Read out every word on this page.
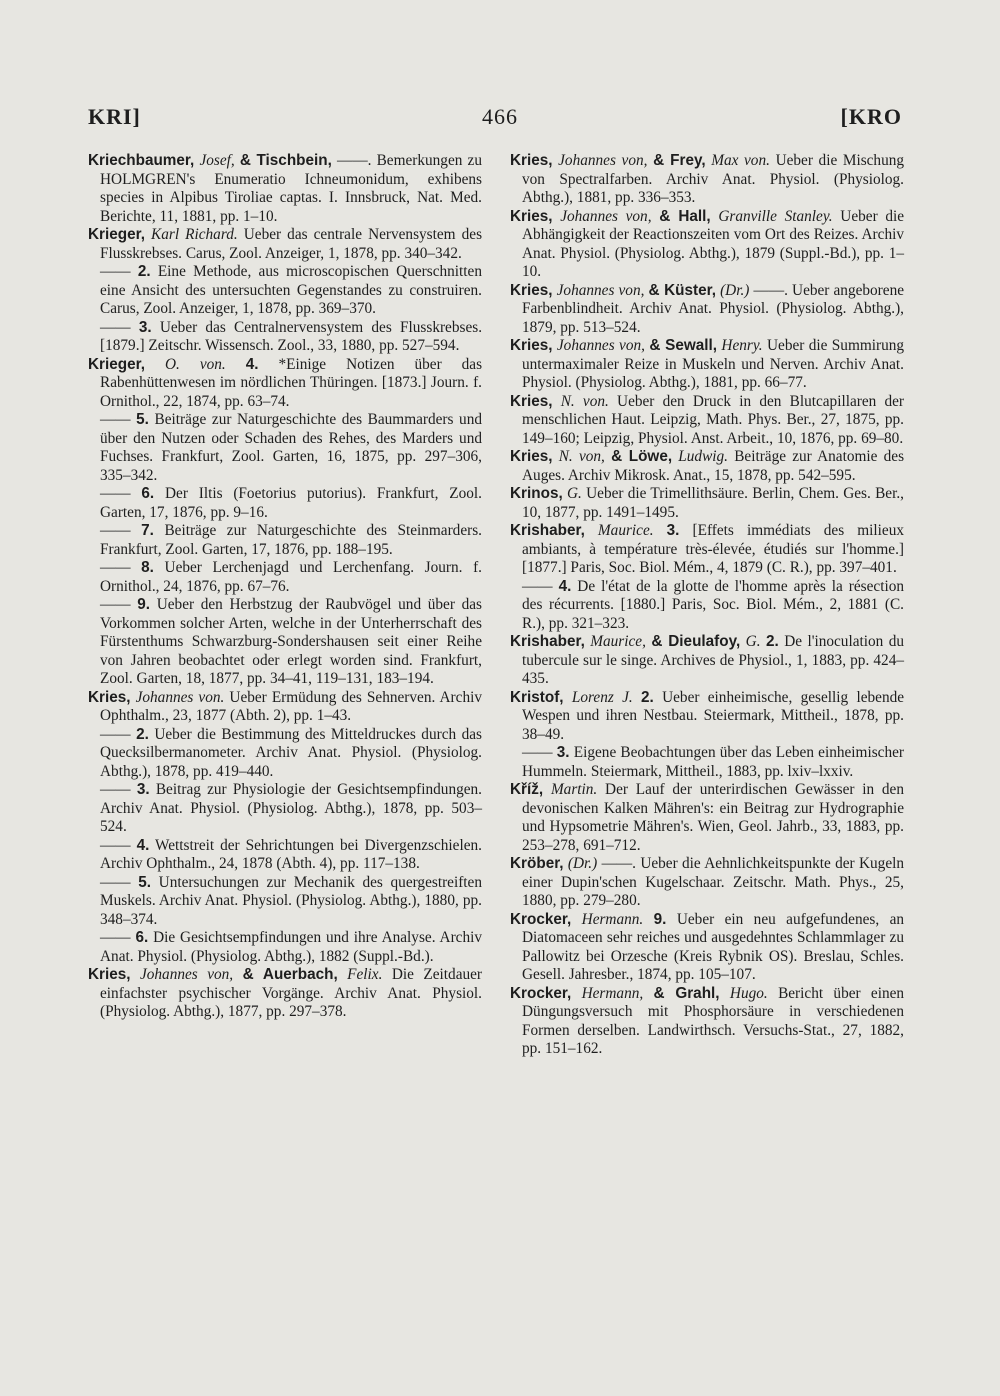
KRI]	466	[KRO

Kriechbaumer, Josef, & Tischbein, ——. Bemerkungen zu HOLMGREN's Enumeratio Ichneumonidum, exhibens species in Alpibus Tiroliae captas. I. Innsbruck, Nat. Med. Berichte, 11, 1881, pp. 1–10.

Krieger, Karl Richard. Ueber das centrale Nervensystem des Flusskrebses. Carus, Zool. Anzeiger, 1, 1878, pp. 340–342.

—— 2. Eine Methode, aus microscopischen Querschnitten eine Ansicht des untersuchten Gegenstandes zu construiren. Carus, Zool. Anzeiger, 1, 1878, pp. 369–370.

—— 3. Ueber das Centralnervensystem des Flusskrebses. [1879.] Zeitschr. Wissensch. Zool., 33, 1880, pp. 527–594.

Krieger, O. von. 4. *Einige Notizen über das Rabenhüttenwesen im nördlichen Thüringen. [1873.] Journ. f. Ornithol., 22, 1874, pp. 63–74.

—— 5. Beiträge zur Naturgeschichte des Baummarders und über den Nutzen oder Schaden des Rehes, des Marders und Fuchses. Frankfurt, Zool. Garten, 16, 1875, pp. 297–306, 335–342.

—— 6. Der Iltis (Foetorius putorius). Frankfurt, Zool. Garten, 17, 1876, pp. 9–16.

—— 7. Beiträge zur Naturgeschichte des Steinmarders. Frankfurt, Zool. Garten, 17, 1876, pp. 188–195.

—— 8. Ueber Lerchenjagd und Lerchenfang. Journ. f. Ornithol., 24, 1876, pp. 67–76.

—— 9. Ueber den Herbstzug der Raubvögel und über das Vorkommen solcher Arten, welche in der Unterherrschaft des Fürstenthums Schwarzburg-Sondershausen seit einer Reihe von Jahren beobachtet oder erlegt worden sind. Frankfurt, Zool. Garten, 18, 1877, pp. 34–41, 119–131, 183–194.

Kries, Johannes von. Ueber Ermüdung des Sehnerven. Archiv Ophthalm., 23, 1877 (Abth. 2), pp. 1–43.

—— 2. Ueber die Bestimmung des Mitteldruckes durch das Quecksilbermanometer. Archiv Anat. Physiol. (Physiolog. Abthg.), 1878, pp. 419–440.

—— 3. Beitrag zur Physiologie der Gesichtsempfindungen. Archiv Anat. Physiol. (Physiolog. Abthg.), 1878, pp. 503–524.

—— 4. Wettstreit der Sehrichtungen bei Divergenzschielen. Archiv Ophthalm., 24, 1878 (Abth. 4), pp. 117–138.

—— 5. Untersuchungen zur Mechanik des quergestreiften Muskels. Archiv Anat. Physiol. (Physiolog. Abthg.), 1880, pp. 348–374.

—— 6. Die Gesichtsempfindungen und ihre Analyse. Archiv Anat. Physiol. (Physiolog. Abthg.), 1882 (Suppl.-Bd.).

Kries, Johannes von, & Auerbach, Felix. Die Zeitdauer einfachster psychischer Vorgänge. Archiv Anat. Physiol. (Physiolog. Abthg.), 1877, pp. 297–378.

Kries, Johannes von, & Frey, Max von. Ueber die Mischung von Spectralfarben. Archiv Anat. Physiol. (Physiolog. Abthg.), 1881, pp. 336–353.

Kries, Johannes von, & Hall, Granville Stanley. Ueber die Abhängigkeit der Reactionszeiten vom Ort des Reizes. Archiv Anat. Physiol. (Physiolog. Abthg.), 1879 (Suppl.-Bd.), pp. 1–10.

Kries, Johannes von, & Küster, (Dr.) ——. Ueber angeborene Farbenblindheit. Archiv Anat. Physiol. (Physiolog. Abthg.), 1879, pp. 513–524.

Kries, Johannes von, & Sewall, Henry. Ueber die Summirung untermaximaler Reize in Muskeln und Nerven. Archiv Anat. Physiol. (Physiolog. Abthg.), 1881, pp. 66–77.

Kries, N. von. Ueber den Druck in den Blutcapillaren der menschlichen Haut. Leipzig, Math. Phys. Ber., 27, 1875, pp. 149–160; Leipzig, Physiol. Anst. Arbeit., 10, 1876, pp. 69–80.

Kries, N. von, & Löwe, Ludwig. Beiträge zur Anatomie des Auges. Archiv Mikrosk. Anat., 15, 1878, pp. 542–595.

Krinos, G. Ueber die Trimellithsäure. Berlin, Chem. Ges. Ber., 10, 1877, pp. 1491–1495.

Krishaber, Maurice. 3. [Effets immédiats des milieux ambiants, à température très-élevée, étudiés sur l'homme.] [1877.] Paris, Soc. Biol. Mém., 4, 1879 (C. R.), pp. 397–401.

—— 4. De l'état de la glotte de l'homme après la résection des récurrents. [1880.] Paris, Soc. Biol. Mém., 2, 1881 (C. R.), pp. 321–323.

Krishaber, Maurice, & Dieulafoy, G. 2. De l'inoculation du tubercule sur le singe. Archives de Physiol., 1, 1883, pp. 424–435.

Kristof, Lorenz J. 2. Ueber einheimische, gesellig lebende Wespen und ihren Nestbau. Steiermark, Mittheil., 1878, pp. 38–49.

—— 3. Eigene Beobachtungen über das Leben einheimischer Hummeln. Steiermark, Mittheil., 1883, pp. lxiv–lxxiv.

Kříž, Martin. Der Lauf der unterirdischen Gewässer in den devonischen Kalken Mähren's: ein Beitrag zur Hydrographie und Hypsometrie Mähren's. Wien, Geol. Jahrb., 33, 1883, pp. 253–278, 691–712.

Kröber, (Dr.) ——. Ueber die Aehnlichkeitspunkte der Kugeln einer Dupin'schen Kugelschaar. Zeitschr. Math. Phys., 25, 1880, pp. 279–280.

Krocker, Hermann. 9. Ueber ein neu aufgefundenes, an Diatomaceen sehr reiches und ausgedehntes Schlammlager zu Pallowitz bei Orzesche (Kreis Rybnik OS). Breslau, Schles. Gesell. Jahresber., 1874, pp. 105–107.

Krocker, Hermann, & Grahl, Hugo. Bericht über einen Düngungsversuch mit Phosphorsäure in verschiedenen Formen derselben. Landwirthsch. Versuchs-Stat., 27, 1882, pp. 151–162.
